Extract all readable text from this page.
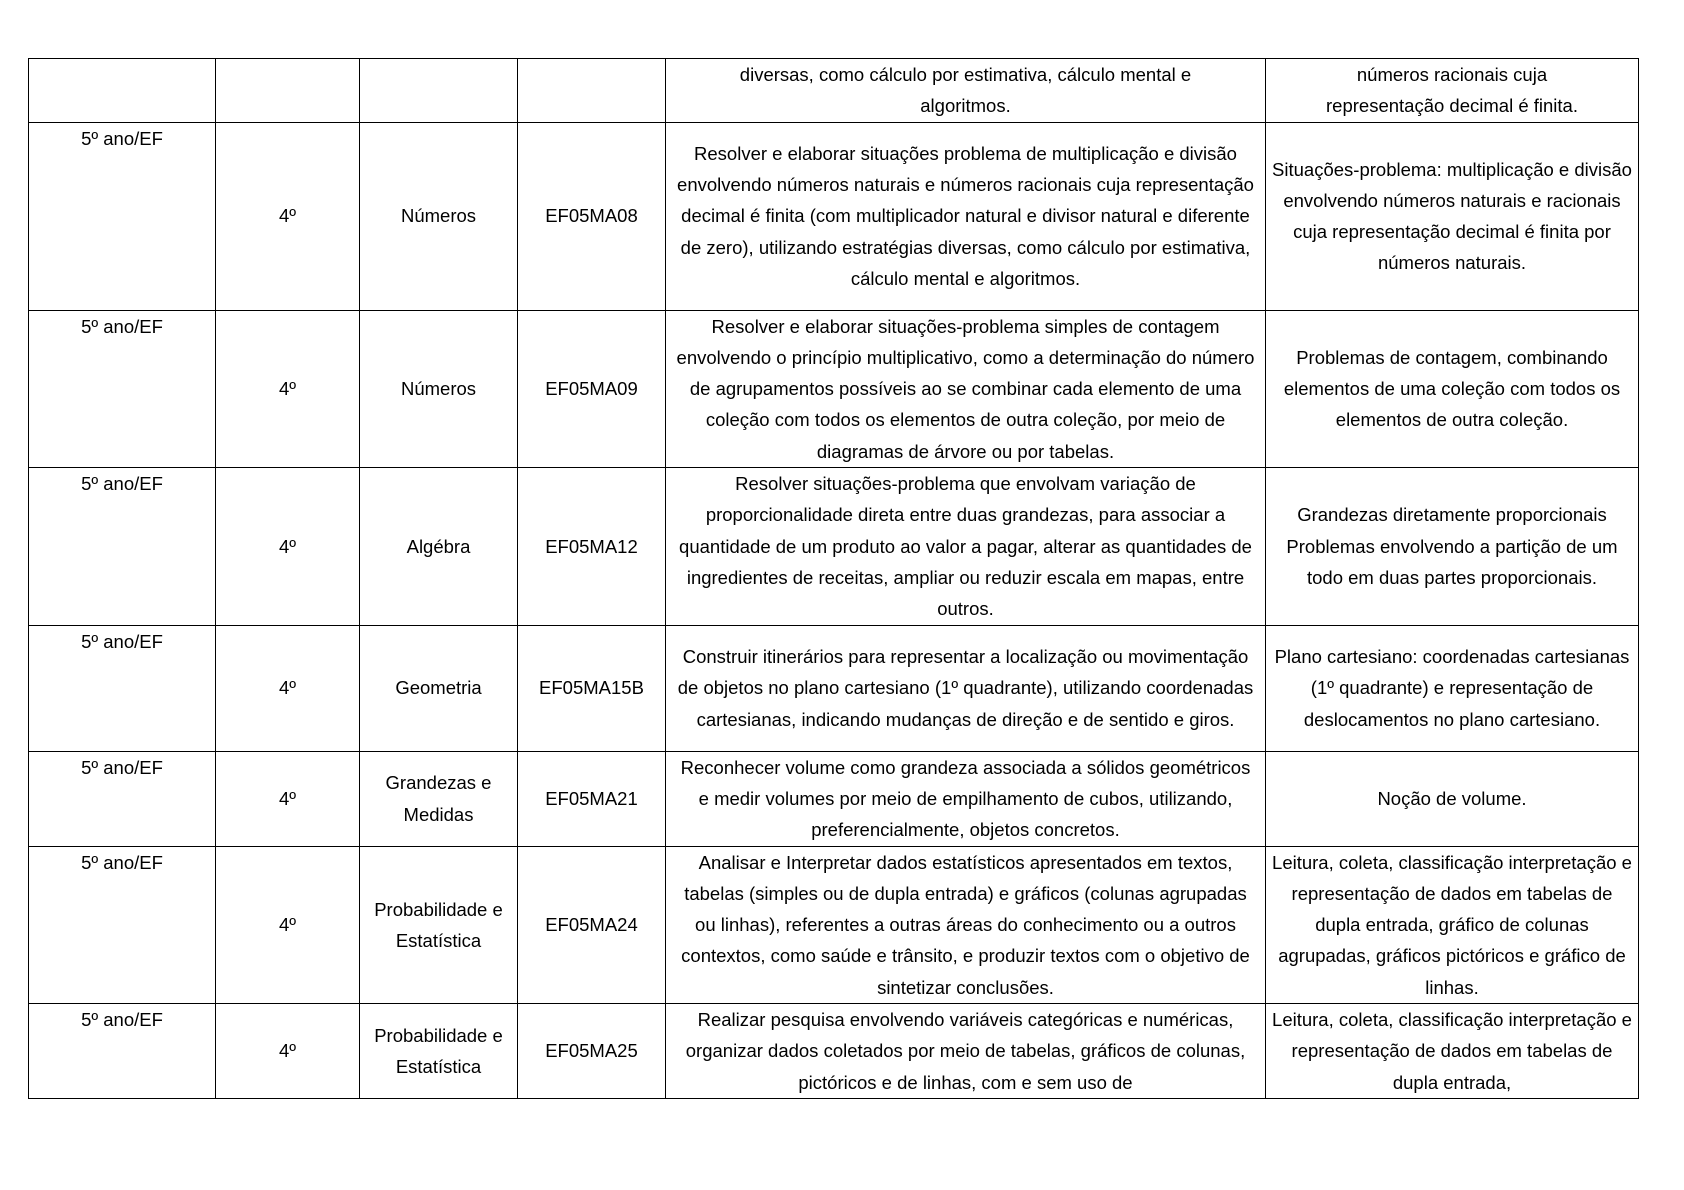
				diversas, como cálculo por estimativa, cálculo mental e algoritmos.	números racionais cuja representação decimal é finita.
5º ano/EF	4º	Números	EF05MA08	Resolver e elaborar situações problema de multiplicação e divisão envolvendo números naturais e números racionais cuja representação decimal é finita (com multiplicador natural e divisor natural e diferente de zero), utilizando estratégias diversas, como cálculo por estimativa, cálculo mental e algoritmos.	Situações-problema: multiplicação e divisão envolvendo números naturais e racionais cuja representação decimal é finita por números naturais.
5º ano/EF	4º	Números	EF05MA09	Resolver e elaborar situações-problema simples de contagem envolvendo o princípio multiplicativo, como a determinação do número de agrupamentos possíveis ao se combinar cada elemento de uma coleção com todos os elementos de outra coleção, por meio de diagramas de árvore ou por tabelas.	Problemas de contagem, combinando elementos de uma coleção com todos os elementos de outra coleção.
5º ano/EF	4º	Algébra	EF05MA12	Resolver situações-problema que envolvam variação de proporcionalidade direta entre duas grandezas, para associar a quantidade de um produto ao valor a pagar, alterar as quantidades de ingredientes de receitas, ampliar ou reduzir escala em mapas, entre outros.	Grandezas diretamente proporcionais Problemas envolvendo a partição de um todo em duas partes proporcionais.
5º ano/EF	4º	Geometria	EF05MA15B	Construir itinerários para representar a localização ou movimentação de objetos no plano cartesiano (1º quadrante), utilizando coordenadas cartesianas, indicando mudanças de direção e de sentido e giros.	Plano cartesiano: coordenadas cartesianas (1º quadrante) e representação de deslocamentos no plano cartesiano.
5º ano/EF	4º	Grandezas e Medidas	EF05MA21	Reconhecer volume como grandeza associada a sólidos geométricos e medir volumes por meio de empilhamento de cubos, utilizando, preferencialmente, objetos concretos.	Noção de volume.
5º ano/EF	4º	Probabilidade e Estatística	EF05MA24	Analisar e Interpretar dados estatísticos apresentados em textos, tabelas (simples ou de dupla entrada) e gráficos (colunas agrupadas ou linhas), referentes a outras áreas do conhecimento ou a outros contextos, como saúde e trânsito, e produzir textos com o objetivo de sintetizar conclusões.	Leitura, coleta, classificação interpretação e representação de dados em tabelas de dupla entrada, gráfico de colunas agrupadas, gráficos pictóricos e gráfico de linhas.
5º ano/EF	4º	Probabilidade e Estatística	EF05MA25	Realizar pesquisa envolvendo variáveis categóricas e numéricas, organizar dados coletados por meio de tabelas, gráficos de colunas, pictóricos e de linhas, com e sem uso de	Leitura, coleta, classificação interpretação e representação de dados em tabelas de dupla entrada,
